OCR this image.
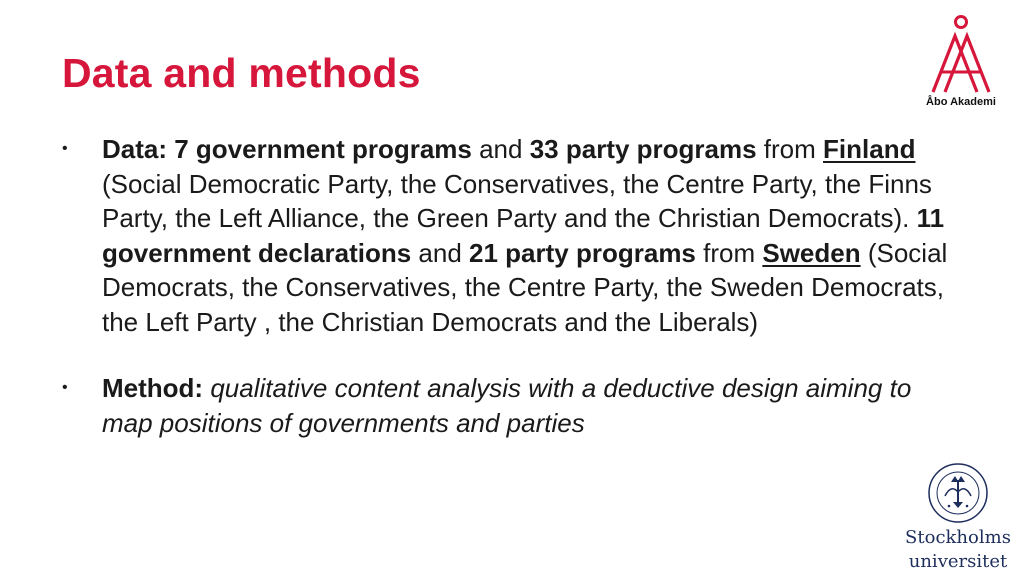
Data and methods
• Data: 7 government programs and 33 party programs from Finland (Social Democratic Party, the Conservatives, the Centre Party, the Finns Party, the Left Alliance, the Green Party and the Christian Democrats). 11 government declarations and 21 party programs from Sweden (Social Democrats, the Conservatives, the Centre Party, the Sweden Democrats, the Left Party , the Christian Democrats and the Liberals)
• Method: qualitative content analysis with a deductive design aiming to map positions of governments and parties
Åbo Akademi
Stockholms
universitet
